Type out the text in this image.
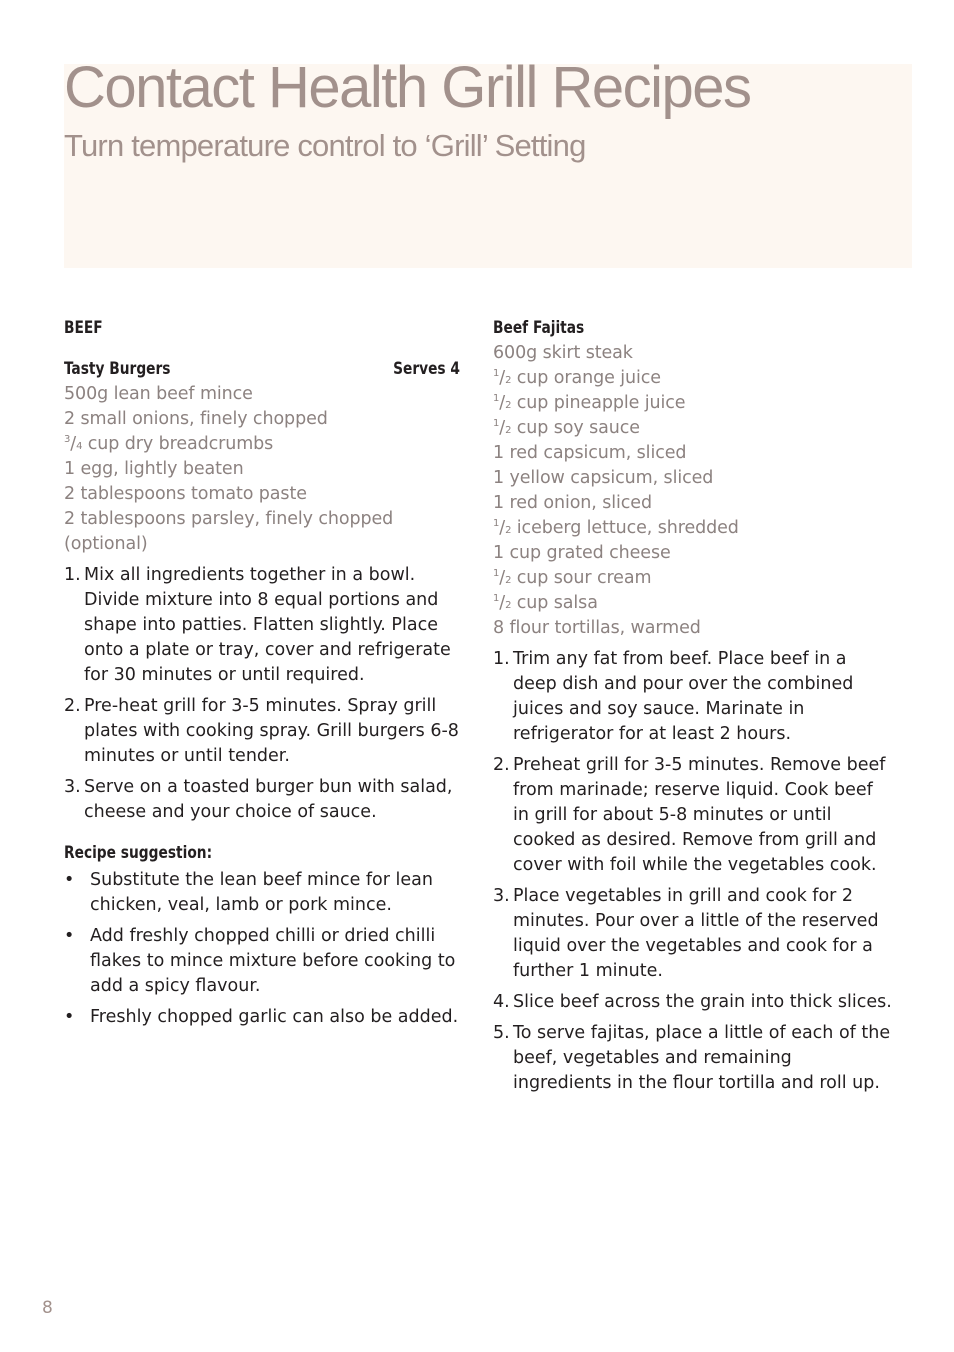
Contact Health Grill Recipes
Turn temperature control to ‘Grill’ Setting

BEEF

Tasty Burgers	Serves 4

500g lean beef mince
2 small onions, finely chopped
$^3$/4 cup dry breadcrumbs
1 egg, lightly beaten
2 tablespoons tomato paste
2 tablespoons parsley, finely chopped (optional)
1. Mix all ingredients together in a bowl. Divide mixture into 8 equal portions and shape into patties. Flatten slightly. Place onto a plate or tray, cover and refrigerate for 30 minutes or until required.
2. Pre-heat grill for 3-5 minutes. Spray grill plates with cooking spray. Grill burgers 6-8 minutes or until tender.
3. Serve on a toasted burger bun with salad, cheese and your choice of sauce.

Recipe suggestion:

• Substitute the lean beef mince for lean chicken, veal, lamb or pork mince.
• Add freshly chopped chilli or dried chilli flakes to mince mixture before cooking to add a spicy flavour.
• Freshly chopped garlic can also be added.

Beef Fajitas

600g skirt steak
$^1$/2 cup orange juice
$^1$/2 cup pineapple juice
$^1$/2 cup soy sauce
1 red capsicum, sliced
1 yellow capsicum, sliced
1 red onion, sliced
$^1$/2 iceberg lettuce, shredded
1 cup grated cheese
$^1$/2 cup sour cream
$^1$/2 cup salsa
8 flour tortillas, warmed
1. Trim any fat from beef. Place beef in a deep dish and pour over the combined juices and soy sauce. Marinate in refrigerator for at least 2 hours.
2. Preheat grill for 3-5 minutes. Remove beef from marinade; reserve liquid. Cook beef in grill for about 5-8 minutes or until cooked as desired. Remove from grill and cover with foil while the vegetables cook.
3. Place vegetables in grill and cook for 2 minutes. Pour over a little of the reserved liquid over the vegetables and cook for a further 1 minute.
4. Slice beef across the grain into thick slices.
5. To serve fajitas, place a little of each of the beef, vegetables and remaining ingredients in the flour tortilla and roll up.
8
